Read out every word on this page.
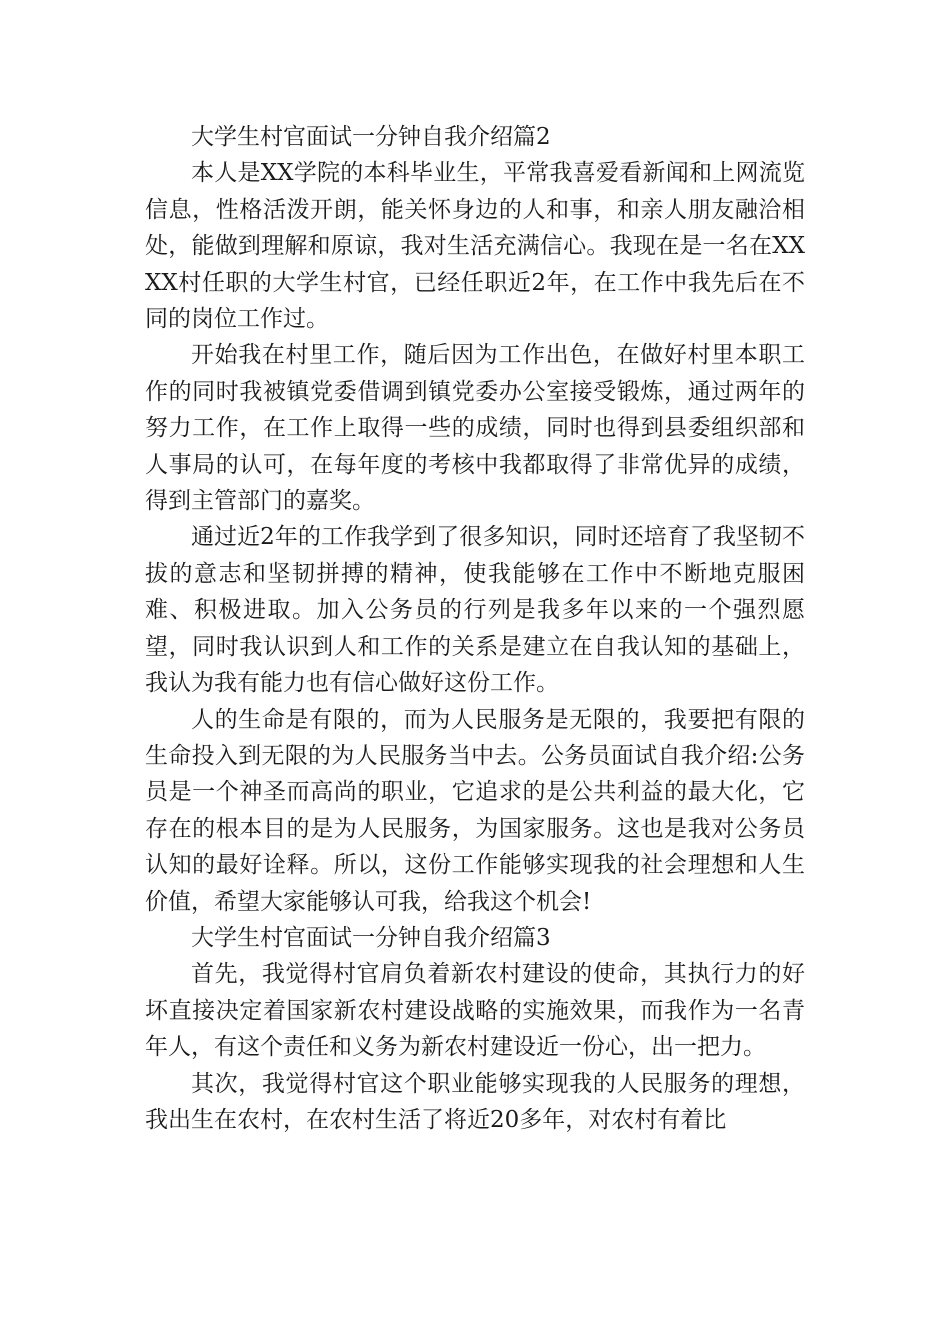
大学生村官面试一分钟自我介绍篇2

本人是XX学院的本科毕业生，平常我喜爱看新闻和上网流览信息，性格活泼开朗，能关怀身边的人和事，和亲人朋友融洽相处，能做到理解和原谅，我对生活充满信心。我现在是一名在XXXX村任职的大学生村官，已经任职近2年，在工作中我先后在不同的岗位工作过。

开始我在村里工作，随后因为工作出色，在做好村里本职工作的同时我被镇党委借调到镇党委办公室接受锻炼，通过两年的努力工作，在工作上取得一些的成绩，同时也得到县委组织部和人事局的认可，在每年度的考核中我都取得了非常优异的成绩，得到主管部门的嘉奖。

通过近2年的工作我学到了很多知识，同时还培育了我坚韧不拔的意志和坚韧拼搏的精神，使我能够在工作中不断地克服困难、积极进取。加入公务员的行列是我多年以来的一个强烈愿望，同时我认识到人和工作的关系是建立在自我认知的基础上，我认为我有能力也有信心做好这份工作。

人的生命是有限的，而为人民服务是无限的，我要把有限的生命投入到无限的为人民服务当中去。公务员面试自我介绍:公务员是一个神圣而高尚的职业，它追求的是公共利益的最大化，它存在的根本目的是为人民服务，为国家服务。这也是我对公务员认知的最好诠释。所以，这份工作能够实现我的社会理想和人生价值，希望大家能够认可我，给我这个机会!

大学生村官面试一分钟自我介绍篇3

首先，我觉得村官肩负着新农村建设的使命，其执行力的好坏直接决定着国家新农村建设战略的实施效果，而我作为一名青年人，有这个责任和义务为新农村建设近一份心，出一把力。

其次，我觉得村官这个职业能够实现我的人民服务的理想，我出生在农村，在农村生活了将近20多年，对农村有着比
